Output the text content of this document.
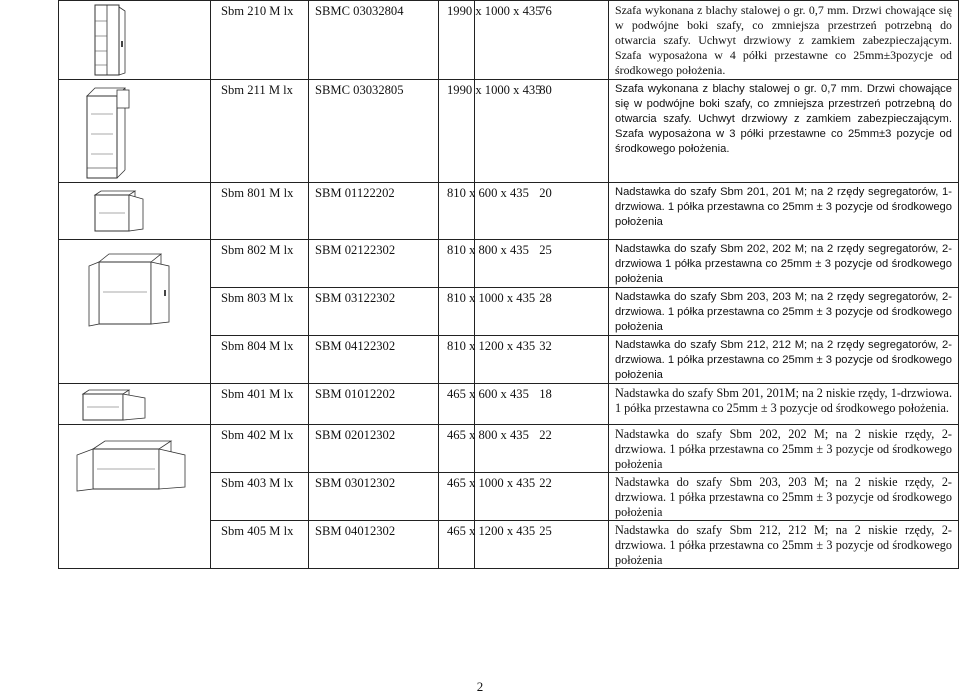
	Sbm 210 M lx	SBMC 03032804	1990 x 1000 x 435	76	Szafa wykonana z blachy stalowej o gr. 0,7 mm. Drzwi chowające się w podwójne boki szafy, co zmniejsza przestrzeń potrzebną do otwarcia szafy. Uchwyt drzwiowy z zamkiem zabezpieczającym. Szafa wyposażona w 4 półki przestawne co 25mm±3pozycje od środkowego położenia.

	Sbm 211 M lx	SBMC 03032805	1990 x 1000 x 435	80	Szafa wykonana z blachy stalowej o gr. 0,7 mm. Drzwi chowające się w podwójne boki szafy, co zmniejsza przestrzeń potrzebną do otwarcia szafy. Uchwyt drzwiowy z zamkiem zabezpieczającym. Szafa wyposażona w 3 półki przestawne co 25mm±3 pozycje od środkowego położenia.

	Sbm 801 M lx	SBM 01122202	810 x 600 x 435	20	Nadstawka do szafy Sbm 201, 201 M; na 2 rzędy segregatorów, 1-drzwiowa. 1 półka przestawna co 25mm ± 3 pozycje od środkowego położenia

	Sbm 802 M lx	SBM 02122302	810 x 800 x 435	25	Nadstawka do szafy Sbm 202, 202 M; na 2 rzędy segregatorów, 2-drzwiowa 1 półka przestawna co 25mm ± 3 pozycje od środkowego położenia
	Sbm 803 M lx	SBM 03122302	810 x 1000 x 435	28	Nadstawka do szafy Sbm 203, 203 M; na 2 rzędy segregatorów, 2-drzwiowa. 1 półka przestawna co 25mm ± 3 pozycje od środkowego położenia
	Sbm 804 M lx	SBM 04122302	810 x 1200 x 435	32	Nadstawka do szafy Sbm 212, 212 M; na 2 rzędy segregatorów, 2-drzwiowa. 1 półka przestawna co 25mm ± 3 pozycje od środkowego położenia

	Sbm 401 M lx	SBM 01012202	465 x 600 x 435	18	Nadstawka do szafy Sbm 201, 201M; na 2 niskie rzędy, 1-drzwiowa. 1 półka przestawna co 25mm ± 3 pozycje od środkowego położenia.

	Sbm 402 M lx	SBM 02012302	465 x 800 x 435	22	Nadstawka do szafy Sbm 202, 202 M; na 2 niskie rzędy, 2-drzwiowa. 1 półka przestawna co 25mm ± 3 pozycje od środkowego położenia
	Sbm 403 M lx	SBM 03012302	465 x 1000 x 435	22	Nadstawka do szafy Sbm 203, 203 M; na 2 niskie rzędy, 2-drzwiowa. 1 półka przestawna co 25mm ± 3 pozycje od środkowego położenia
	Sbm 405 M lx	SBM 04012302	465 x 1200 x 435	25	Nadstawka do szafy Sbm 212, 212 M; na 2 niskie rzędy, 2-drzwiowa. 1 półka przestawna co 25mm ± 3 pozycje od środkowego położenia
2
